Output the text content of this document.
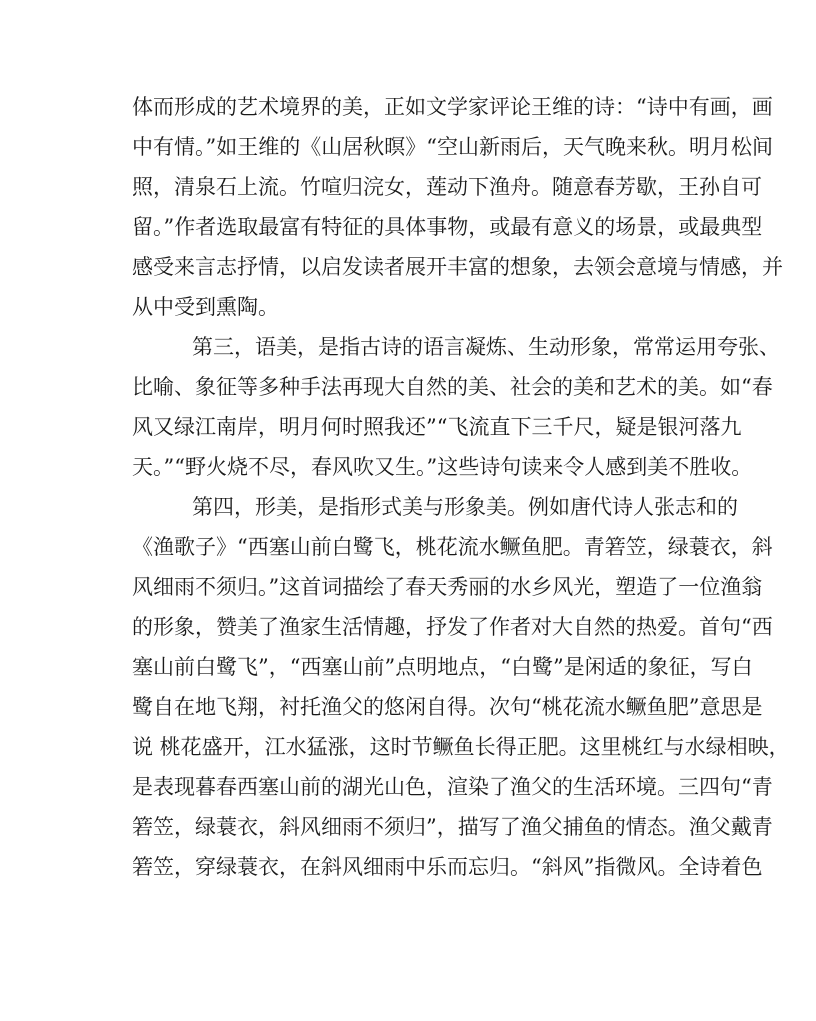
体而形成的艺术境界的美，正如文学家评论王维的诗：“诗中有画，画
中有情。”如王维的《山居秋暝》“空山新雨后，天气晚来秋。明月松间
照，清泉石上流。竹喧归浣女，莲动下渔舟。随意春芳歇，王孙自可
留。”作者选取最富有特征的具体事物，或最有意义的场景，或最典型
感受来言志抒情，以启发读者展开丰富的想象，去领会意境与情感，并
从中受到熏陶。
第三，语美，是指古诗的语言凝炼、生动形象，常常运用夸张、
比喻、象征等多种手法再现大自然的美、社会的美和艺术的美。如“春
风又绿江南岸，明月何时照我还”“飞流直下三千尺，疑是银河落九
天。”“野火烧不尽，春风吹又生。”这些诗句读来令人感到美不胜收。
第四，形美，是指形式美与形象美。例如唐代诗人张志和的
《渔歌子》“西塞山前白鹭飞，桃花流水鳜鱼肥。青箬笠，绿蓑衣，斜
风细雨不须归。”这首词描绘了春天秀丽的水乡风光，塑造了一位渔翁
的形象，赞美了渔家生活情趣，抒发了作者对大自然的热爱。首句“西
塞山前白鹭飞”，“西塞山前”点明地点，“白鹭”是闲适的象征，写白
鹭自在地飞翔，衬托渔父的悠闲自得。次句“桃花流水鳜鱼肥”意思是
说 桃花盛开，江水猛涨，这时节鳜鱼长得正肥。这里桃红与水绿相映，
是表现暮春西塞山前的湖光山色，渲染了渔父的生活环境。三四句“青
箬笠，绿蓑衣，斜风细雨不须归”，描写了渔父捕鱼的情态。渔父戴青
箬笠，穿绿蓑衣，在斜风细雨中乐而忘归。“斜风”指微风。全诗着色
